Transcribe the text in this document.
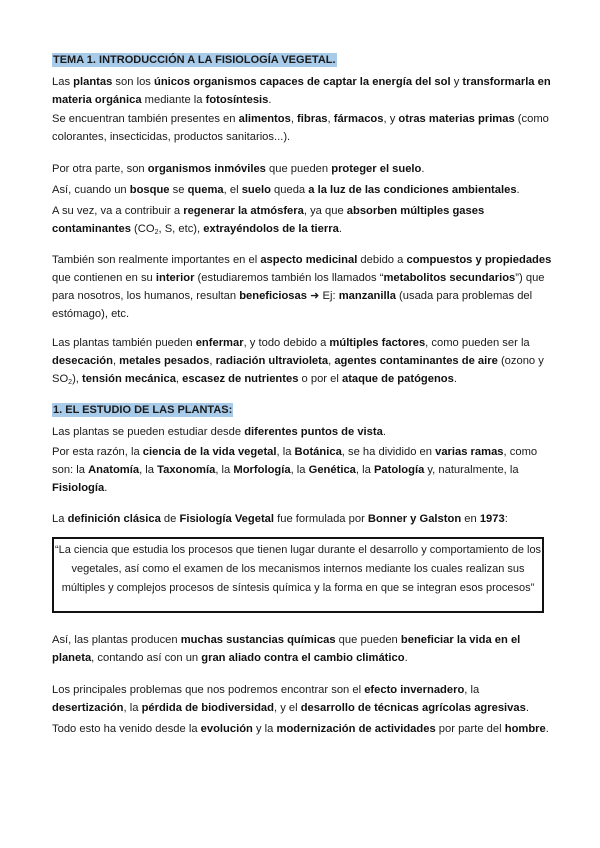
TEMA 1. INTRODUCCIÓN A LA FISIOLOGÍA VEGETAL.

Las plantas son los únicos organismos capaces de captar la energía del sol y transformarla en materia orgánica mediante la fotosíntesis.

Se encuentran también presentes en alimentos, fibras, fármacos, y otras materias primas (como colorantes, insecticidas, productos sanitarios...).

Por otra parte, son organismos inmóviles que pueden proteger el suelo.

Así, cuando un bosque se quema, el suelo queda a la luz de las condiciones ambientales.

A su vez, va a contribuir a regenerar la atmósfera, ya que absorben múltiples gases contaminantes ($CO_2$, S, etc), extrayéndolos de la tierra.

También son realmente importantes en el aspecto medicinal debido a compuestos y propiedades que contienen en su interior (estudiaremos también los llamados “metabolitos secundarios”) que para nosotros, los humanos, resultan beneficiosas ➜ Ej: manzanilla (usada para problemas del estómago), etc.

Las plantas también pueden enfermar, y todo debido a múltiples factores, como pueden ser la desecación, metales pesados, radiación ultravioleta, agentes contaminantes de aire (ozono y $SO_2$), tensión mecánica, escasez de nutrientes o por el ataque de patógenos.

1. EL ESTUDIO DE LAS PLANTAS:

Las plantas se pueden estudiar desde diferentes puntos de vista.

Por esta razón, la ciencia de la vida vegetal, la Botánica, se ha dividido en varias ramas, como son: la Anatomía, la Taxonomía, la Morfología, la Genética, la Patología y, naturalmente, la Fisiología.

La definición clásica de Fisiología Vegetal fue formulada por Bonner y Galston en 1973:

“La ciencia que estudia los procesos que tienen lugar durante el desarrollo y comportamiento de los vegetales, así como el examen de los mecanismos internos mediante los cuales realizan sus múltiples y complejos procesos de síntesis química y la forma en que se integran esos procesos”

Así, las plantas producen muchas sustancias químicas que pueden beneficiar la vida en el planeta, contando así con un gran aliado contra el cambio climático.

Los principales problemas que nos podremos encontrar son el efecto invernadero, la desertización, la pérdida de biodiversidad, y el desarrollo de técnicas agrícolas agresivas.

Todo esto ha venido desde la evolución y la modernización de actividades por parte del hombre.
